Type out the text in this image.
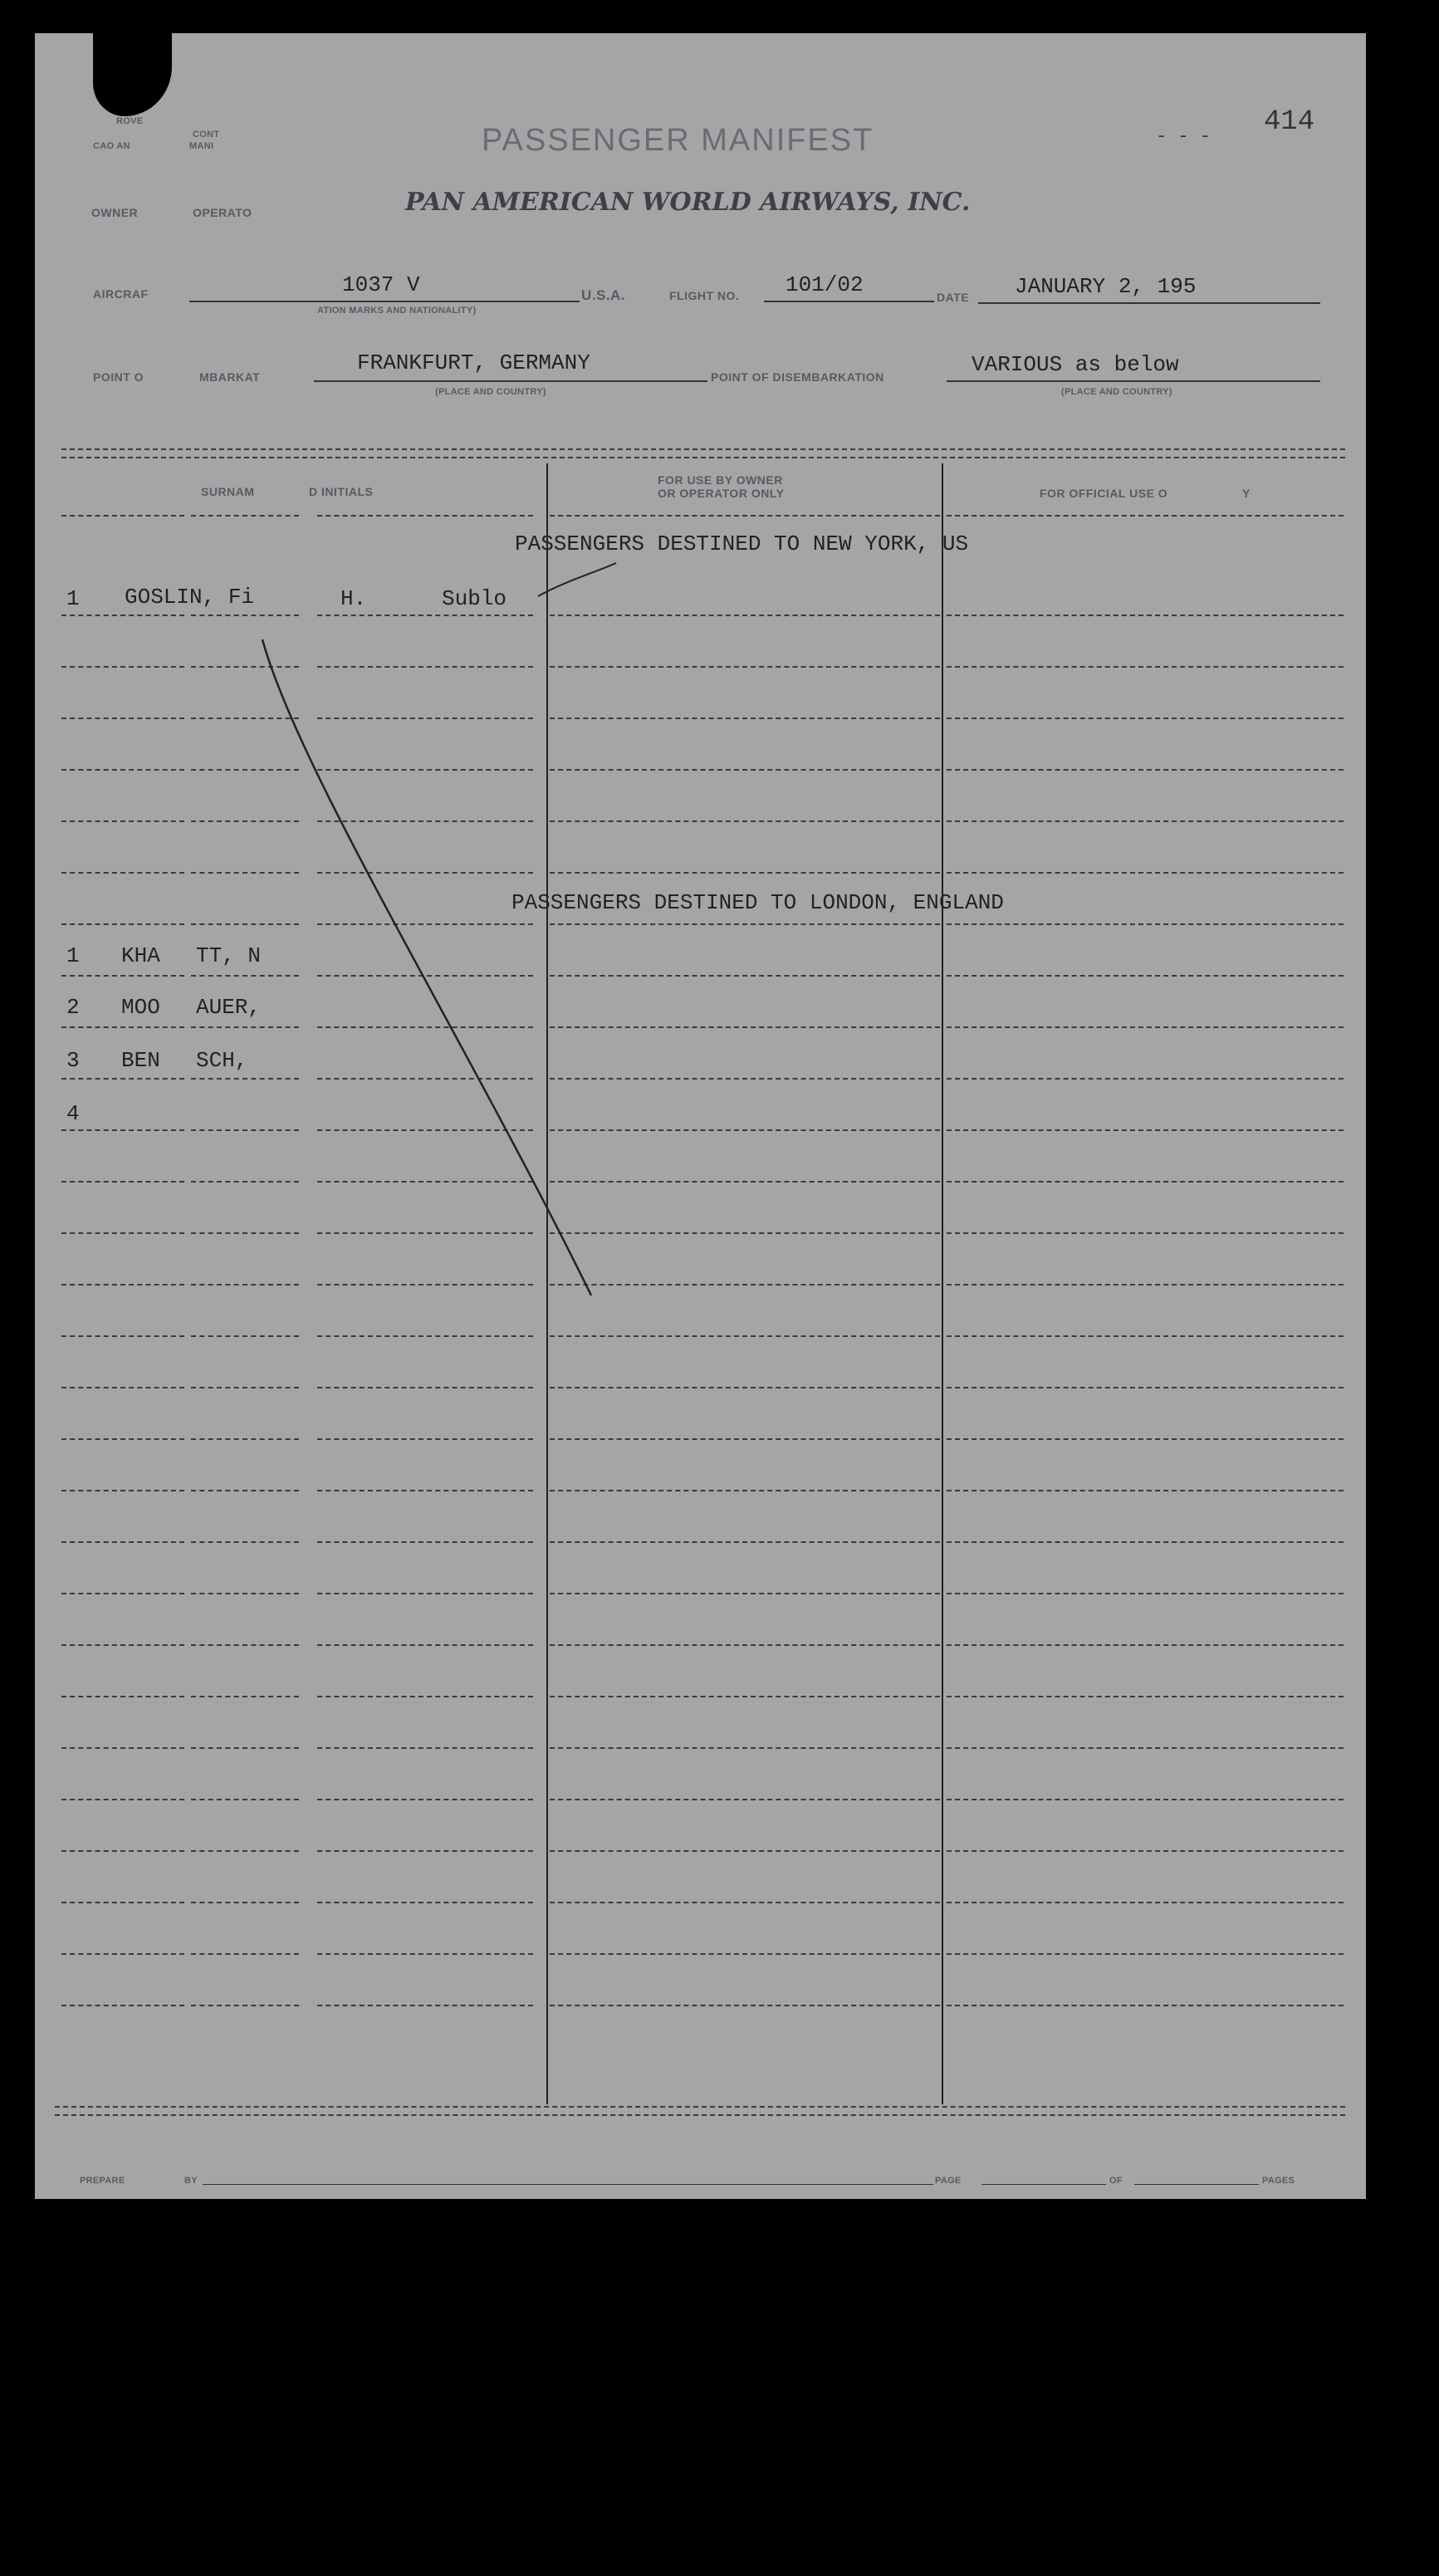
414
- - -
ROVE
CAO AN
CONT
MANI	PASSENGER MANIFEST
OWNER	OPERATO	PAN AMERICAN WORLD AIRWAYS, INC.
AIRCRAF	1037 V
ATION MARKS AND NATIONALITY)
U.S.A.	FLIGHT NO. 101/02	DATE JANUARY 2, 195
POINT O	MBARKAT
FRANKFURT, GERMANY
(PLACE AND COUNTRY)
POINT OF DISEMBARKATION	VARIOUS as below
(PLACE AND COUNTRY)
SURNAM	D INITIALS
FOR USE BY OWNER
OR OPERATOR ONLY	FOR OFFICIAL USE O	Y
PASSENGERS DESTINED TO NEW YORK, US
1 GOSLIN, Fi	H.	Sublo
PASSENGERS DESTINED TO LONDON, ENGLAND
1 KHA TT, N
2 MOO AUER,
3 BEN SCH,
4
PREPARE	BY	PAGE	OF	PAGES
